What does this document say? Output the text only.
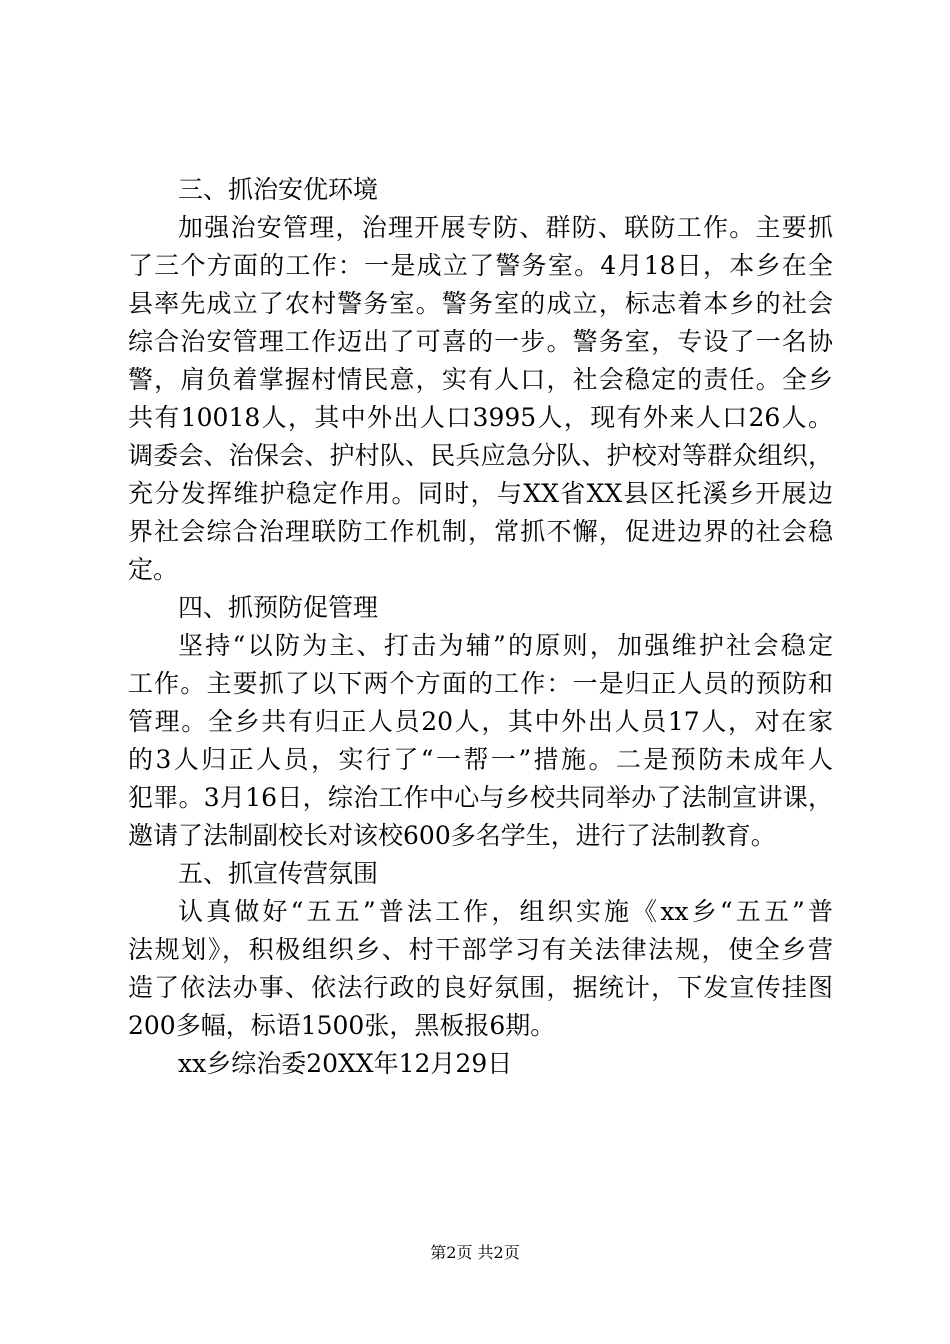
三、抓治安优环境
加强治安管理，治理开展专防、群防、联防工作。主要抓
了三个方面的工作：一是成立了警务室。4月18日，本乡在全
县率先成立了农村警务室。警务室的成立，标志着本乡的社会
综合治安管理工作迈出了可喜的一步。警务室，专设了一名协
警，肩负着掌握村情民意，实有人口，社会稳定的责任。全乡
共有10018人，其中外出人口3995人，现有外来人口26人。
调委会、治保会、护村队、民兵应急分队、护校对等群众组织，
充分发挥维护稳定作用。同时，与XX省XX县区托溪乡开展边
界社会综合治理联防工作机制，常抓不懈，促进边界的社会稳
定。
四、抓预防促管理
坚持“以防为主、打击为辅”的原则，加强维护社会稳定
工作。主要抓了以下两个方面的工作：一是归正人员的预防和
管理。全乡共有归正人员20人，其中外出人员17人，对在家
的3人归正人员，实行了“一帮一”措施。二是预防未成年人
犯罪。3月16日，综治工作中心与乡校共同举办了法制宣讲课，
邀请了法制副校长对该校600多名学生，进行了法制教育。
五、抓宣传营氛围
认真做好“五五”普法工作，组织实施《xx乡“五五”普
法规划》，积极组织乡、村干部学习有关法律法规，使全乡营
造了依法办事、依法行政的良好氛围，据统计，下发宣传挂图
200多幅，标语1500张，黑板报6期。
xx乡综治委20XX年12月29日
第2页 共2页
